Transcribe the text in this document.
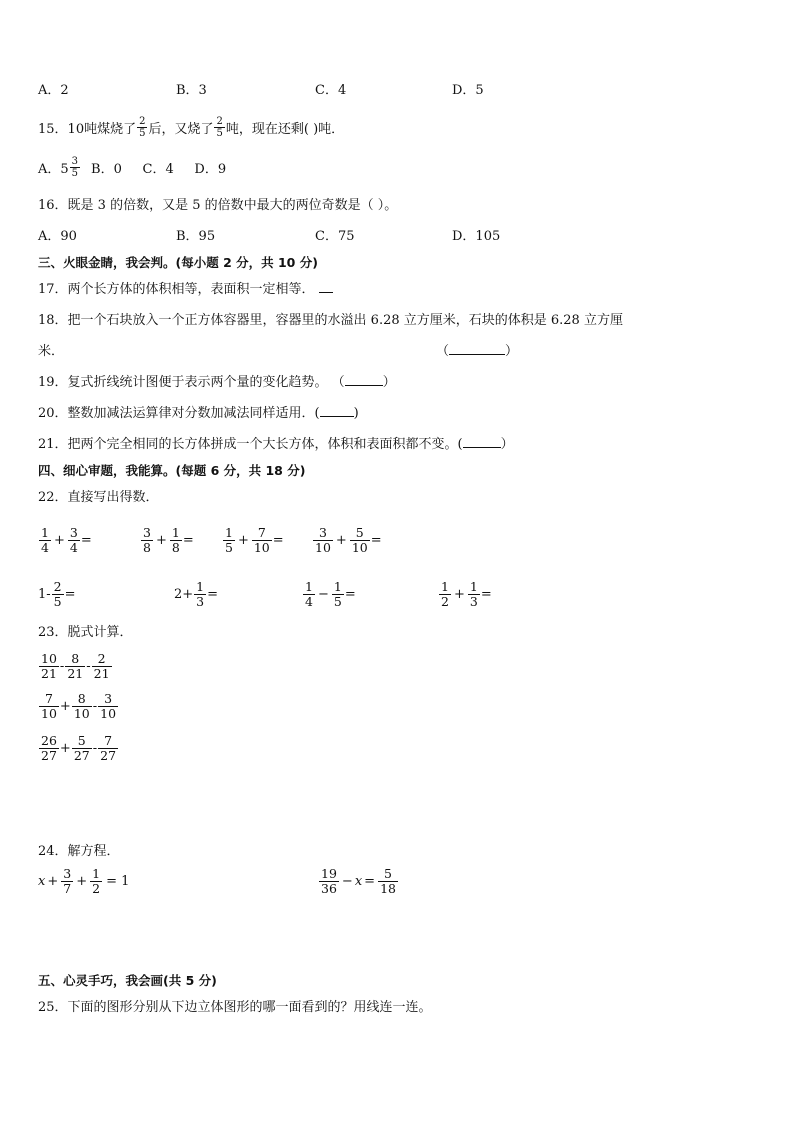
A．2	B．3	C．4	D．5
15．10吨煤烧了 $\frac{2}{5}$ 后，又烧了 $\frac{2}{5}$ 吨，现在还剩( )吨．
A．$5 \frac{3}{5}$ B．0     C．4     D．9
16．既是 3 的倍数，又是 5 的倍数中最大的两位奇数是（ ）。
A．90	B．95	C．75	D．105
三、火眼金睛，我会判。(每小题 2 分，共 10 分)
17．两个长方体的体积相等，表面积一定相等．
18．把一个石块放入一个正方体容器里，容器里的水溢出 6.28 立方厘米，石块的体积是 6.28 立方厘
米．	（	）
19．复式折线统计图便于表示两个量的变化趋势。 （	）
20．整数加减法运算律对分数加减法同样适用．(	)
21．把两个完全相同的长方体拼成一个大长方体，体积和表面积都不变。(	）
四、细心审题，我能算。(每题 6 分，共 18 分)
22．直接写出得数．
$\frac{1}{4} + \frac{3}{4}$ =	$\frac{3}{8} + \frac{1}{8} = \frac{1}{5} + \frac{7}{10} = \frac{3}{10} + \frac{5}{10}$ =
$1- \frac{2}{5}$ =	$2+ \frac{1}{3}$ =	$\frac{1}{4} - \frac{1}{5}$ =	$\frac{1}{2} + \frac{1}{3}$ =
23．脱式计算．
$\frac{10}{21} - \frac{8}{21} - \frac{2}{21}$
$\frac{7}{10} + \frac{8}{10} - \frac{3}{10}$
$\frac{26}{27} + \frac{5}{27} - \frac{7}{27}$
24．解方程．
$x + \frac{3}{7} + \frac{1}{2} = 1$	$\frac{19}{36} - x = \frac{5}{18}$
五、心灵手巧，我会画(共 5 分)
25．下面的图形分别从下边立体图形的哪一面看到的？用线连一连。
